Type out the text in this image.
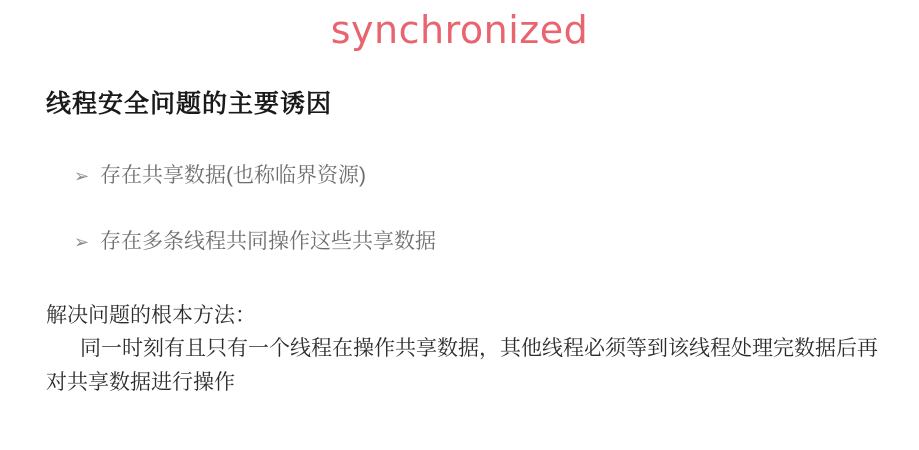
synchronized
线程安全问题的主要诱因
➢ 存在共享数据(也称临界资源)
➢ 存在多条线程共同操作这些共享数据
解决问题的根本方法：
同一时刻有且只有一个线程在操作共享数据，其他线程必须等到该线程处理完数据后再对共享数据进行操作
